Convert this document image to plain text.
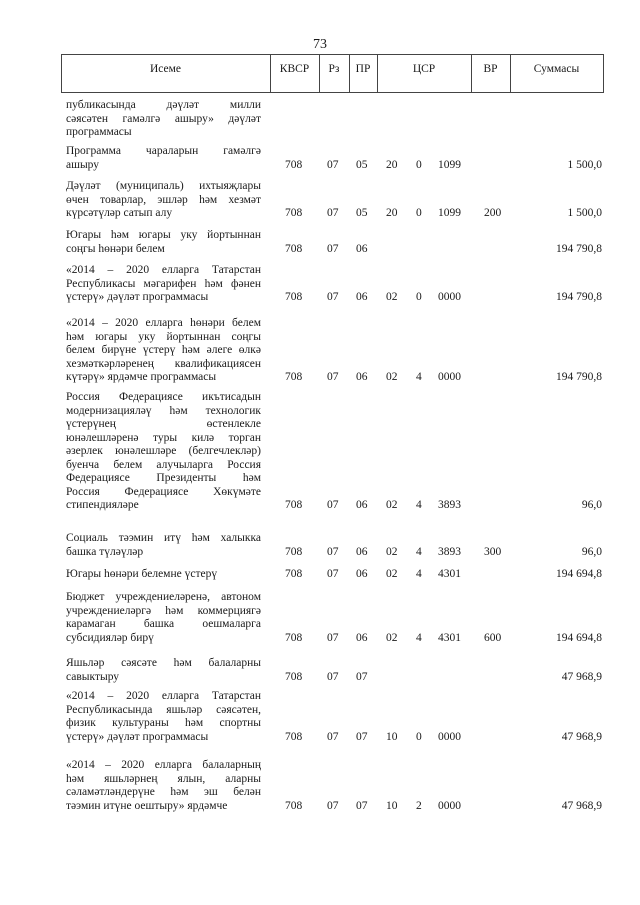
73
Исеме	КВСР	Рз	ПР	ЦСР	ВР	Суммасы
публикасында дәүләт милли
сәясәтен гамәлгә ашыру» дәүләт
программасы
Программа чараларын гамәлгә
ашыру	708 07 05 20 0 1099	1 500,0
Дәүләт (муниципаль) ихтыяҗлары
өчен товарлар, эшләр һәм хезмәт
күрсәтүләр сатып алу	708 07 05 20 0 1099 200	1 500,0
Югары һәм югары уку йортыннан
соңгы һөнәри белем	708 07 06	194 790,8
«2014 – 2020 елларга Татарстан
Республикасы мәгарифен һәм фәнен
үстерү» дәүләт программасы	708 07 06 02 0 0000	194 790,8
«2014 – 2020 елларга һөнәри белем
һәм югары уку йортыннан соңгы
белем бирүне үстерү һәм әлеге өлкә
хезмәткәрләренең квалификациясен
күтәрү» ярдәмче программасы	708 07 06 02 4 0000	194 790,8
Россия Федерациясе икътисадын
модернизацияләү һәм технологик
үстерүнең өстенлекле
юнәлешләренә туры килә торган
әзерлек юнәлешләре (белгечлекләр)
буенча белем алучыларга Россия
Федерациясе Президенты һәм
Россия Федерациясе Хөкүмәте
стипендияләре	708 07 06 02 4 3893	96,0
Социаль тәэмин итү һәм халыкка
башка түләүләр	708 07 06 02 4 3893 300	96,0
Югары һөнәри белемне үстерү	708 07 06 02 4 4301	194 694,8
Бюджет учреждениеләренә, автоном
учреждениеләргә һәм коммерциягә
карамаган башка оешмаларга
субсидияләр бирү	708 07 06 02 4 4301 600	194 694,8
Яшьләр сәясәте һәм балаларны
савыктыру	708 07 07	47 968,9
«2014 – 2020 елларга Татарстан
Республикасында яшьләр сәясәтен,
физик культураны һәм спортны
үстерү» дәүләт программасы	708 07 07 10 0 0000	47 968,9
«2014 – 2020 елларга балаларның
һәм яшьләрнең ялын, аларны
сәламәтләндерүне һәм эш белән
тәэмин итүне оештыру» ярдәмче	708 07 07 10 2 0000	47 968,9
